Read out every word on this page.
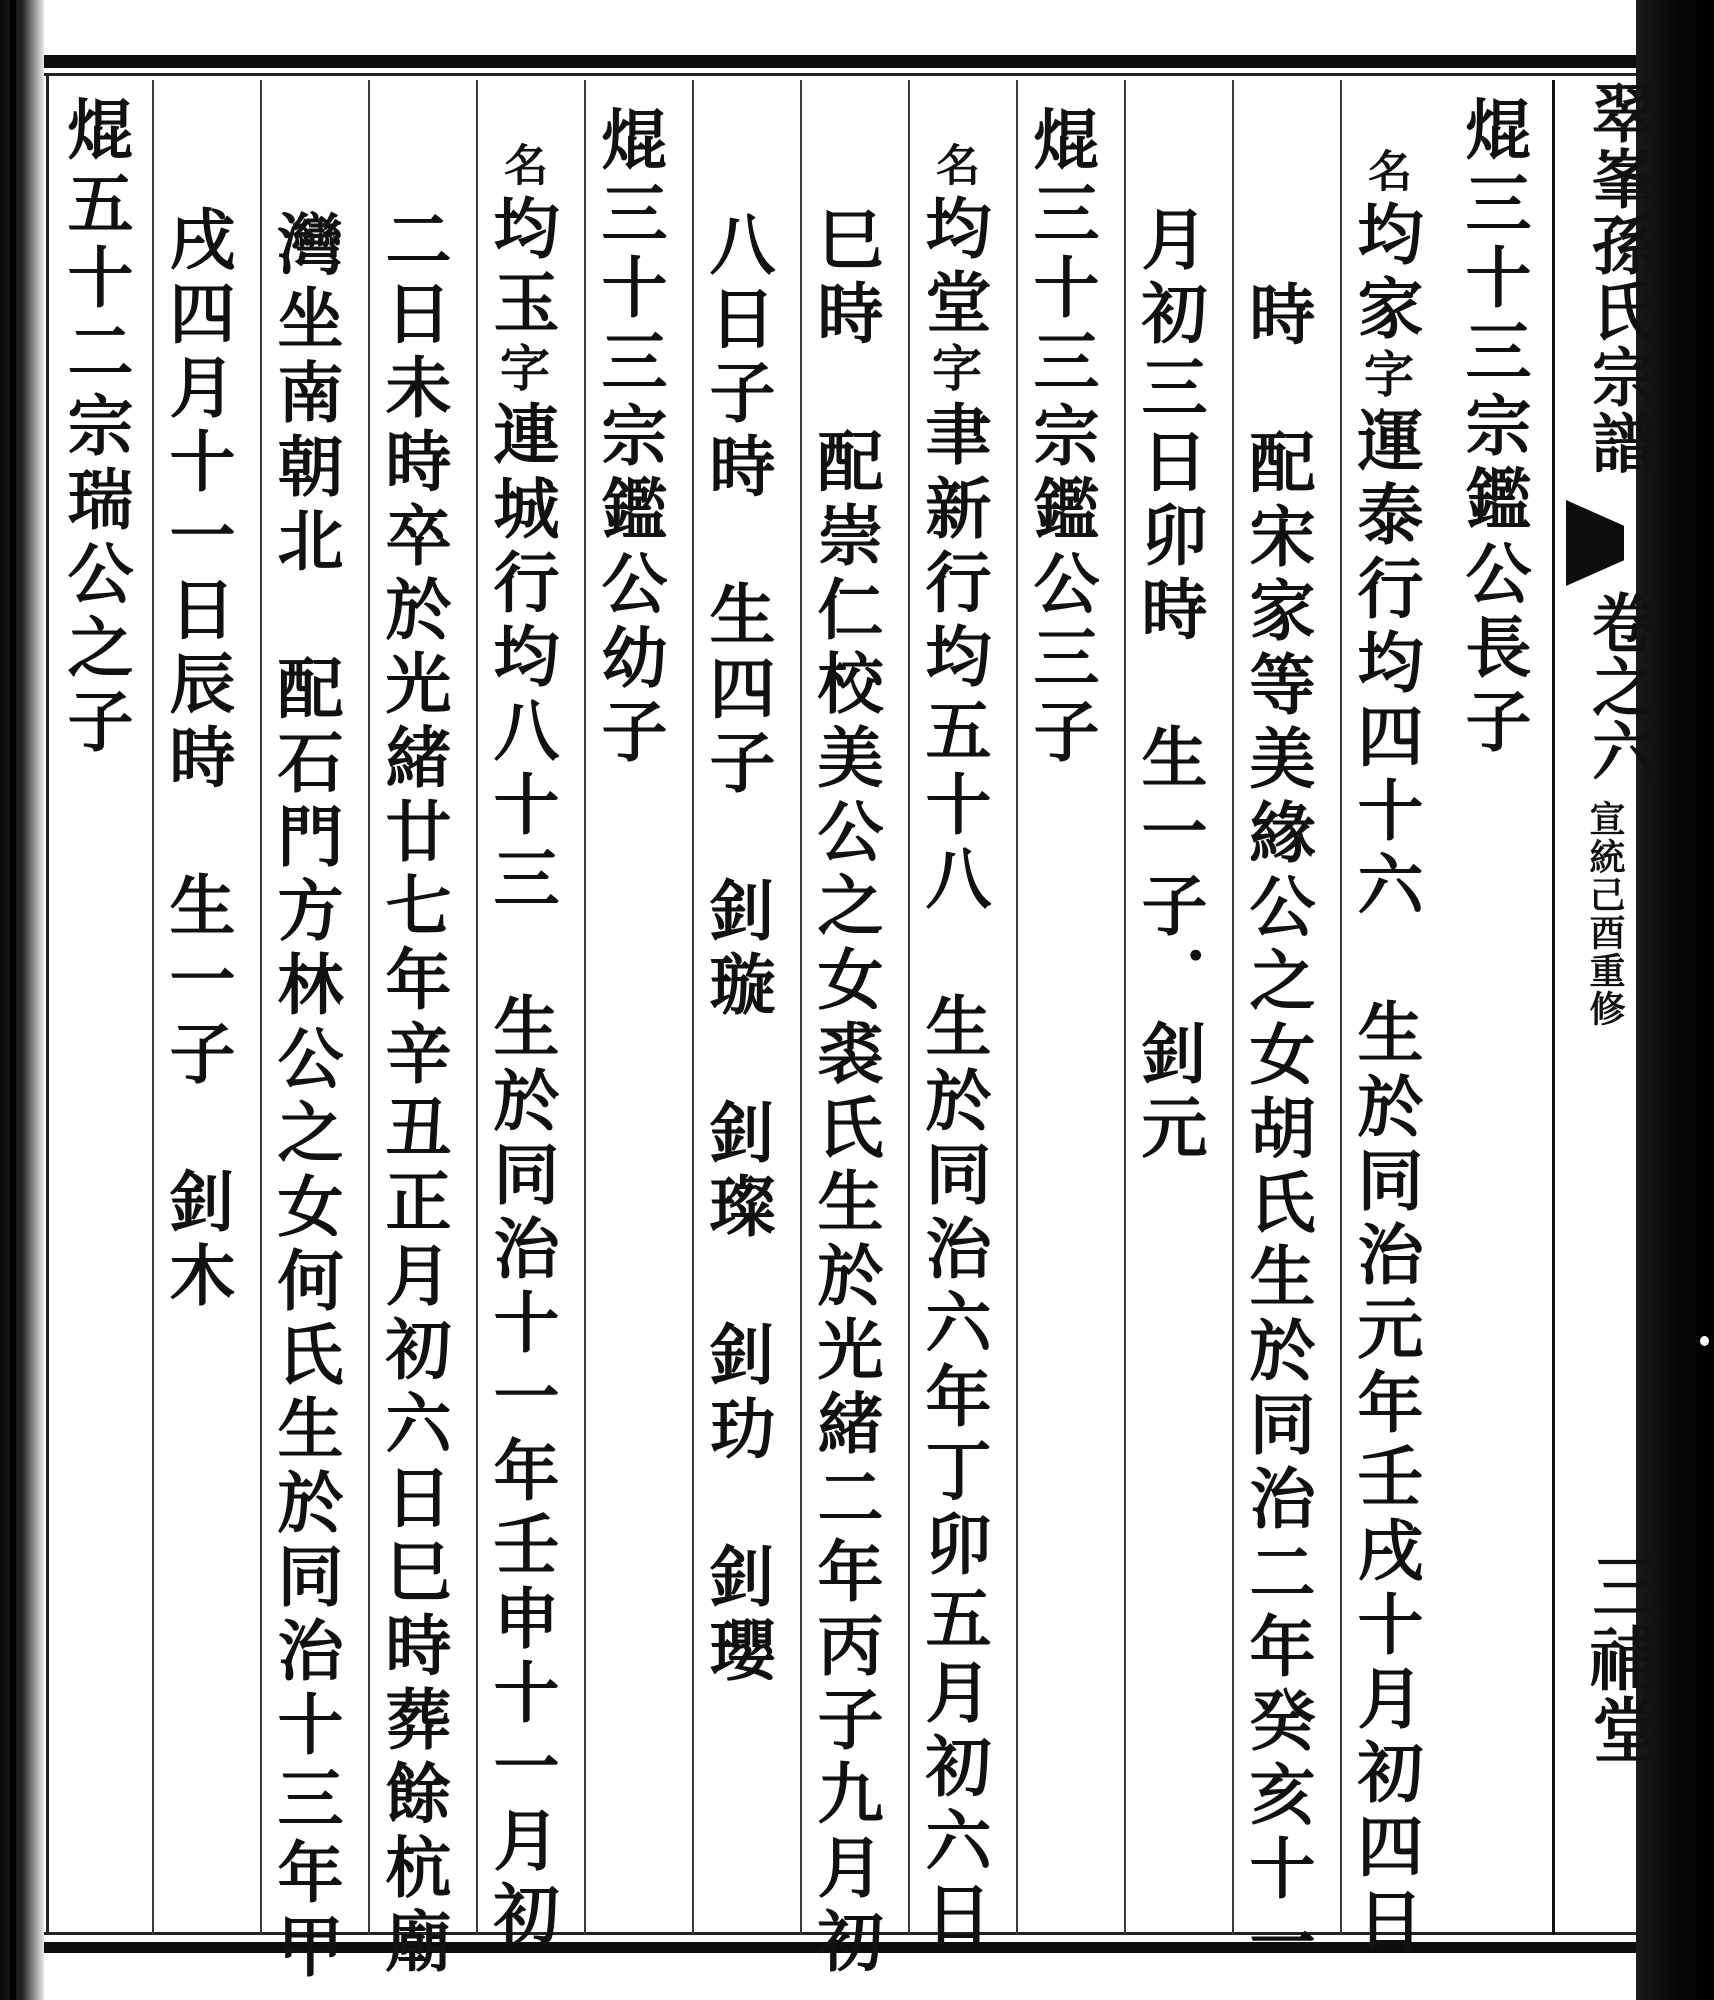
翠峯孫氏宗譜
卷之六
宣統己酉重修
三𥙷堂
焜三十三宗鑑公長子
名均家字運泰行均四十六　生於同治元年壬戌十月初四日
時　配宋家等美緣公之女胡氏生於同治二年癸亥十一
月初三日卯時　生一子．釗元
焜三十三宗鑑公三子
名均堂字聿新行均五十八　生於同治六年丁卯五月初六日
巳時　配崇仁校美公之女裘氏生於光緒二年丙子九月初
八日子時　生四子　釗璇　釗璨　釗玏　釗瓔
焜三十三宗鑑公幼子
名均玉字連城行均八十三　生於同治十一年壬申十一月初
二日未時卒於光緒廿七年辛丑正月初六日巳時葬餘杭廟
灣坐南朝北　配石門方林公之女何氏生於同治十三年甲
戌四月十一日辰時　生一子　釗木
焜五十二宗瑞公之子
